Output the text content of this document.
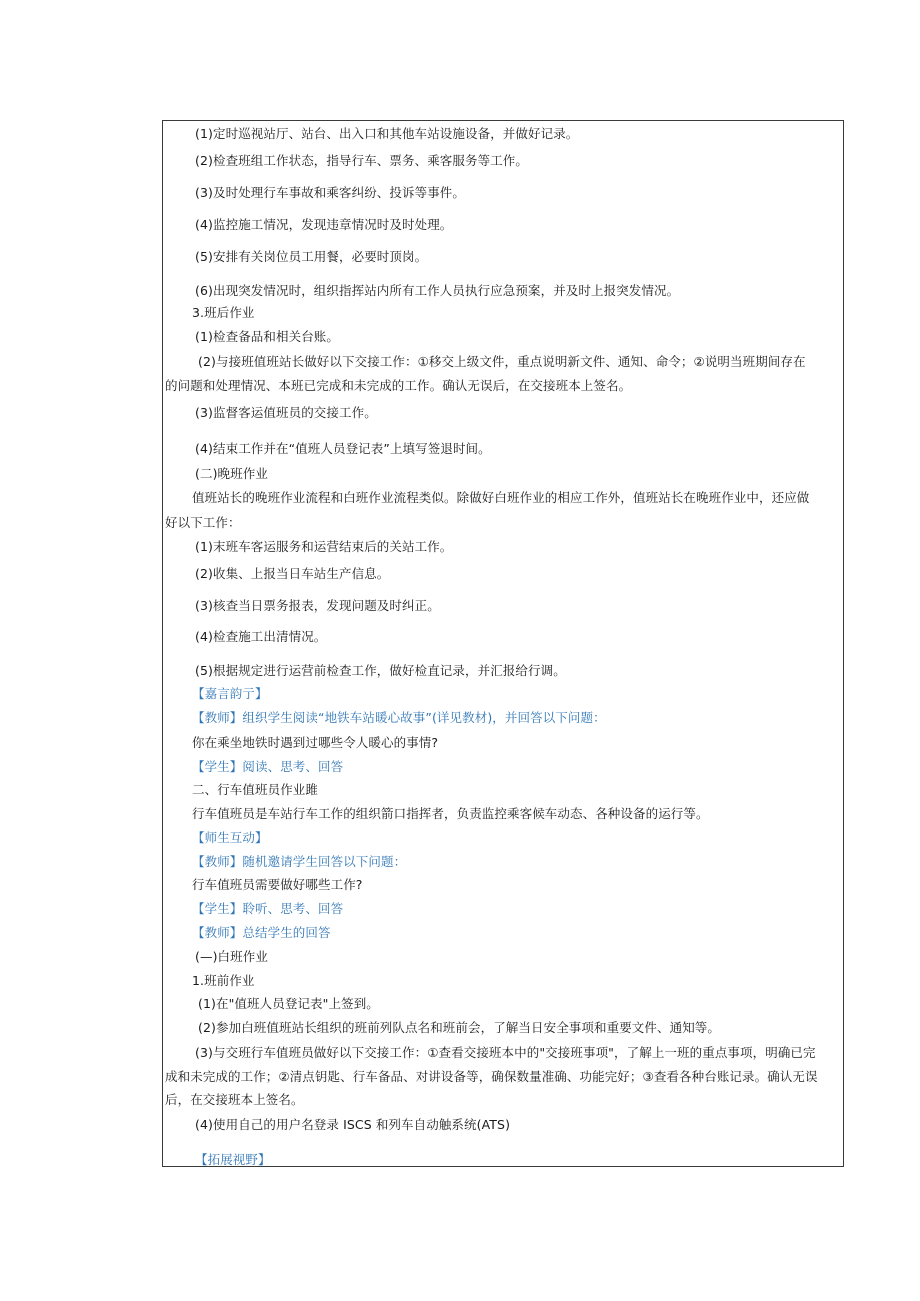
(1)定时巡视站厅、站台、出入口和其他车站设施设备，并做好记录。
(2)检查班组工作状态，指导行车、票务、乘客服务等工作。
(3)及时处理行车事故和乘客纠纷、投诉等事件。
(4)监控施工情况，发现违章情况时及时处理。
(5)安排有关岗位员工用餐，必要时顶岗。
(6)出现突发情况时，组织指挥站内所有工作人员执行应急预案，并及时上报突发情况。
3.班后作业
(1)检查备品和相关台账。
(2)与接班值班站长做好以下交接工作：①移交上级文件，重点说明新文件、通知、命令；②说明当班期间存在
的问题和处理情况、本班已完成和未完成的工作。确认无误后，在交接班本上签名。
(3)监督客运值班员的交接工作。
(4)结束工作并在“值班人员登记表”上填写签退时间。
(二)晚班作业
值班站长的晚班作业流程和白班作业流程类似。除做好白班作业的相应工作外，值班站长在晚班作业中，还应做
好以下工作：
(1)末班车客运服务和运营结束后的关站工作。
(2)收集、上报当日车站生产信息。
(3)核查当日票务报表，发现问题及时纠正。
(4)检查施工出清情况。
(5)根据规定进行运营前检查工作，做好检直记录，并汇报给行调。
【嘉言韵亍】
【教师】组织学生阅读“地铁车站暖心故事”(详见教材)，并回答以下问题：
你在乘坐地铁时遇到过哪些令人暖心的事情?
【学生】阅读、思考、回答
二、行车值班员作业雎
行车值班员是车站行车工作的组织箭口指挥者，负责监控乘客候车动态、各种设备的运行等。
【师生互动】
【教师】随机邀请学生回答以下问题：
行车值班员需要做好哪些工作?
【学生】聆听、思考、回答
【教师】总结学生的回答
(—)白班作业
1.班前作业
(1)在"值班人员登记表"上签到。
(2)参加白班值班站长组织的班前列队点名和班前会，了解当日安全事项和重要文件、通知等。
(3)与交班行车值班员做好以下交接工作：①查看交接班本中的"交接班事项"，了解上一班的重点事项，明确已完
成和未完成的工作；②清点钥匙、行车备品、对讲设备等，确保数量准确、功能完好；③查看各种台账记录。确认无误
后，在交接班本上签名。
(4)使用自己的用户名登录 ISCS 和列车自动触系统(ATS)
【拓展视野】
